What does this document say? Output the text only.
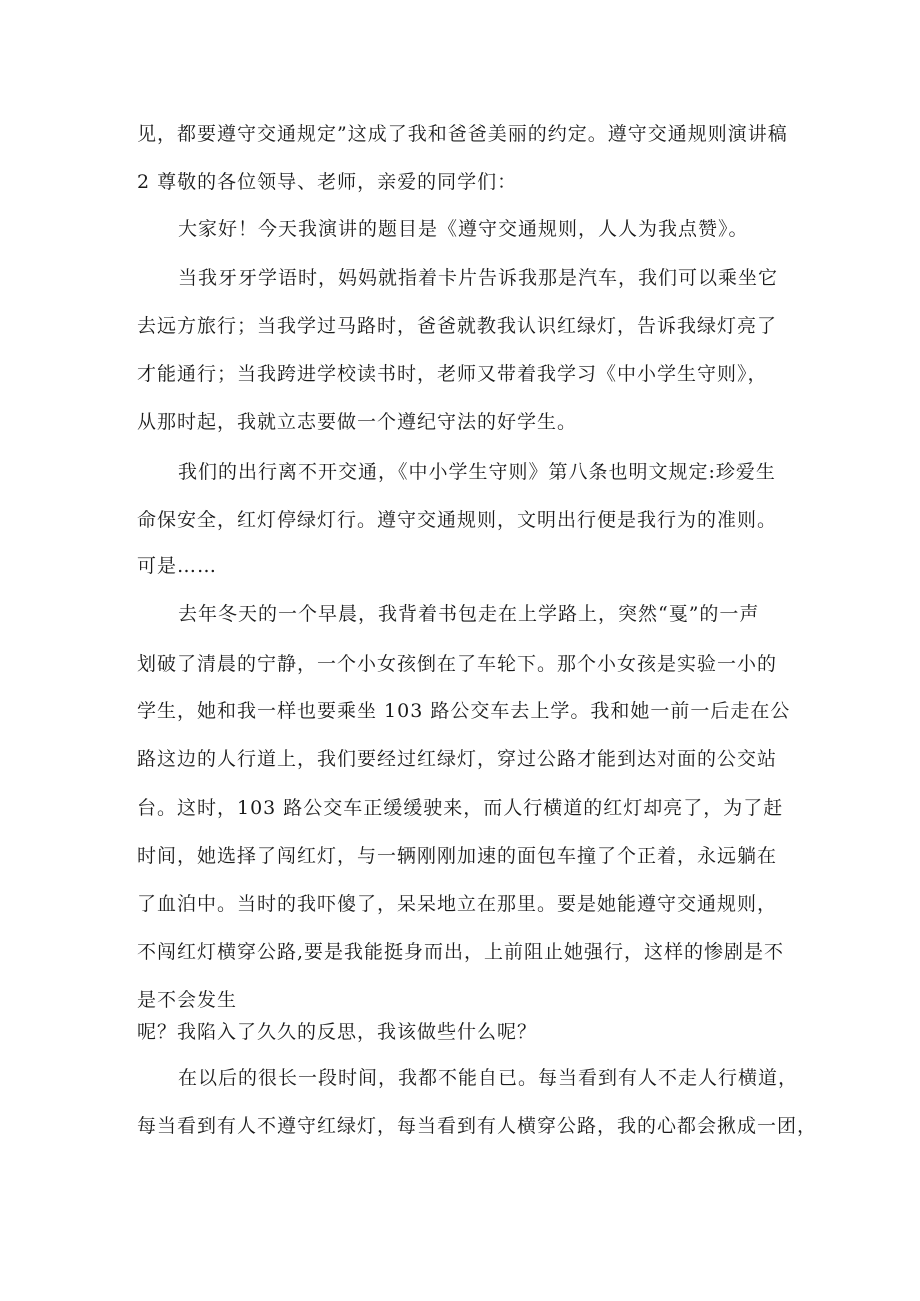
见，都要遵守交通规定”这成了我和爸爸美丽的约定。遵守交通规则演讲稿
2 尊敬的各位领导、老师，亲爱的同学们：
大家好！今天我演讲的题目是《遵守交通规则，人人为我点赞》。
当我牙牙学语时，妈妈就指着卡片告诉我那是汽车，我们可以乘坐它
去远方旅行；当我学过马路时，爸爸就教我认识红绿灯，告诉我绿灯亮了
才能通行；当我跨进学校读书时，老师又带着我学习《中小学生守则》，
从那时起，我就立志要做一个遵纪守法的好学生。
我们的出行离不开交通，《中小学生守则》第八条也明文规定:珍爱生
命保安全，红灯停绿灯行。遵守交通规则，文明出行便是我行为的准则。
可是……
去年冬天的一个早晨，我背着书包走在上学路上，突然“戛”的一声
划破了清晨的宁静，一个小女孩倒在了车轮下。那个小女孩是实验一小的
学生，她和我一样也要乘坐 103 路公交车去上学。我和她一前一后走在公
路这边的人行道上，我们要经过红绿灯，穿过公路才能到达对面的公交站
台。这时，103 路公交车正缓缓驶来，而人行横道的红灯却亮了，为了赶
时间，她选择了闯红灯，与一辆刚刚加速的面包车撞了个正着，永远躺在
了血泊中。当时的我吓傻了，呆呆地立在那里。要是她能遵守交通规则，
不闯红灯横穿公路,要是我能挺身而出，上前阻止她强行，这样的惨剧是不
是不会发生
呢？我陷入了久久的反思，我该做些什么呢？
在以后的很长一段时间，我都不能自已。每当看到有人不走人行横道，
每当看到有人不遵守红绿灯，每当看到有人横穿公路，我的心都会揪成一团，
